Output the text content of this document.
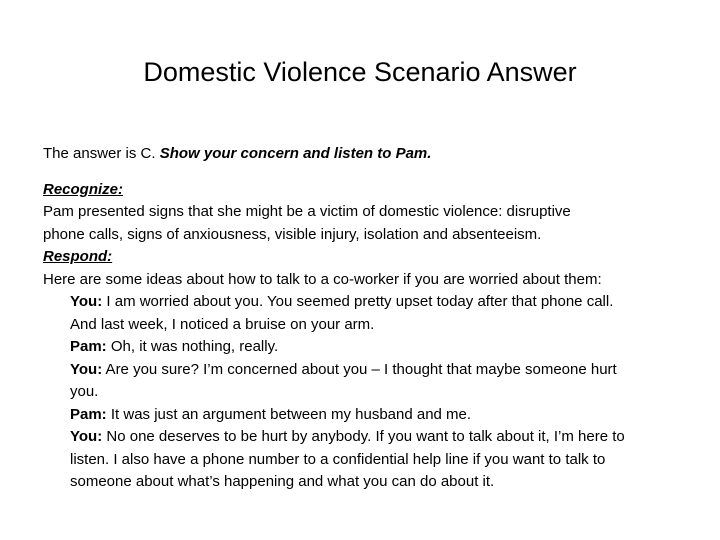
Domestic Violence Scenario Answer
The answer is C. Show your concern and listen to Pam.
Recognize:
Pam presented signs that she might be a victim of domestic violence: disruptive
phone calls, signs of anxiousness, visible injury, isolation and absenteeism.
Respond:
Here are some ideas about how to talk to a co-worker if you are worried about them:
You: I am worried about you. You seemed pretty upset today after that phone call.
And last week, I noticed a bruise on your arm.
Pam: Oh, it was nothing, really.
You: Are you sure? I’m concerned about you – I thought that maybe someone hurt
you.
Pam: It was just an argument between my husband and me.
You: No one deserves to be hurt by anybody. If you want to talk about it, I’m here to
listen. I also have a phone number to a confidential help line if you want to talk to
someone about what’s happening and what you can do about it.
